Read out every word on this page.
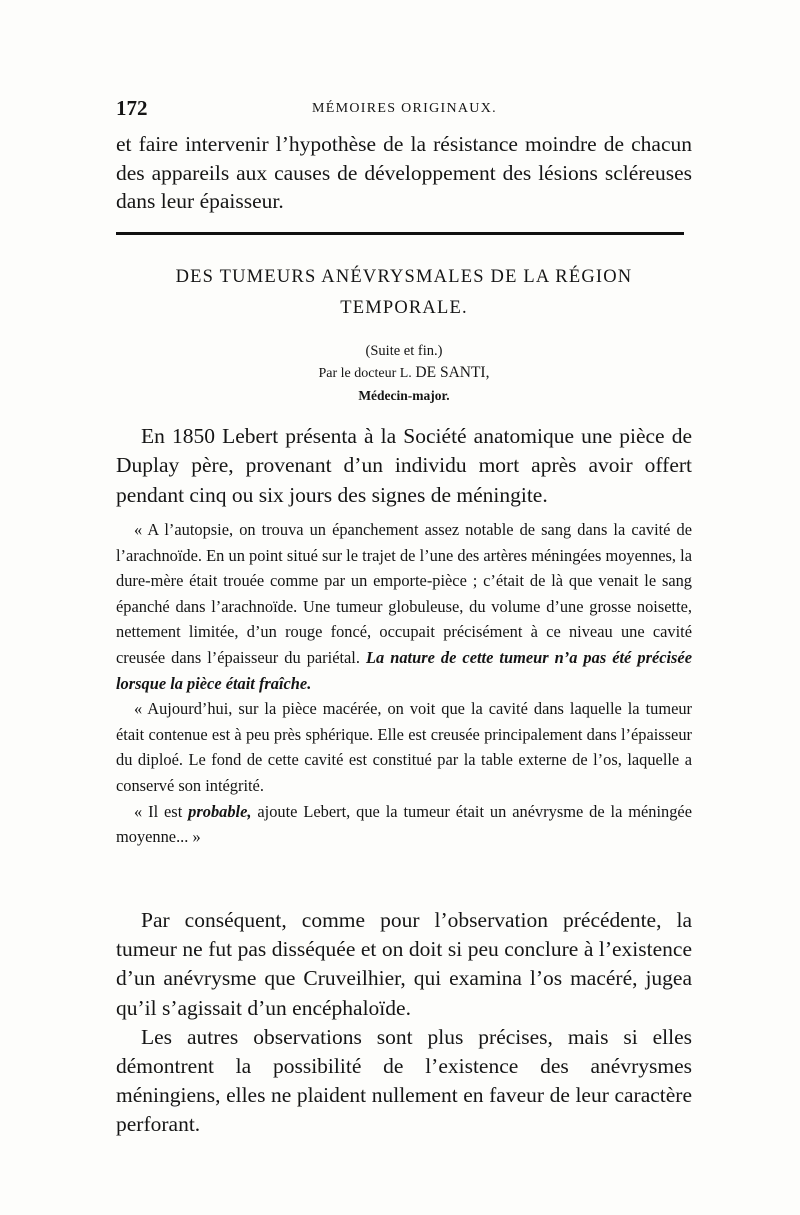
172	MÉMOIRES ORIGINAUX.

et faire intervenir l’hypothèse de la résistance moindre de chacun des appareils aux causes de développement des lésions scléreuses dans leur épaisseur.

DES TUMEURS ANÉVRYSMALES DE LA RÉGION
TEMPORALE.
(Suite et fin.)
Par le docteur L. DE SANTI,
Médecin-major.

En 1850 Lebert présenta à la Société anatomique une pièce de Duplay père, provenant d’un individu mort après avoir offert pendant cinq ou six jours des signes de méningite.

« A l’autopsie, on trouva un épanchement assez notable de sang dans la cavité de l’arachnoïde. En un point situé sur le trajet de l’une des artères méningées moyennes, la dure-mère était trouée comme par un emporte-pièce ; c’était de là que venait le sang épanché dans l’arachnoïde. Une tumeur globuleuse, du volume d’une grosse noisette, nettement limitée, d’un rouge foncé, occupait précisément à ce niveau une cavité creusée dans l’épaisseur du pariétal. La nature de cette tumeur n’a pas été précisée lorsque la pièce était fraîche.

« Aujourd’hui, sur la pièce macérée, on voit que la cavité dans laquelle la tumeur était contenue est à peu près sphérique. Elle est creusée principalement dans l’épaisseur du diploé. Le fond de cette cavité est constitué par la table externe de l’os, laquelle a conservé son intégrité.

« Il est probable, ajoute Lebert, que la tumeur était un anévrysme de la méningée moyenne... »

Par conséquent, comme pour l’observation précédente, la tumeur ne fut pas disséquée et on doit si peu conclure à l’existence d’un anévrysme que Cruveilhier, qui examina l’os macéré, jugea qu’il s’agissait d’un encéphaloïde.

Les autres observations sont plus précises, mais si elles démontrent la possibilité de l’existence des anévrysmes méningiens, elles ne plaident nullement en faveur de leur caractère perforant.
